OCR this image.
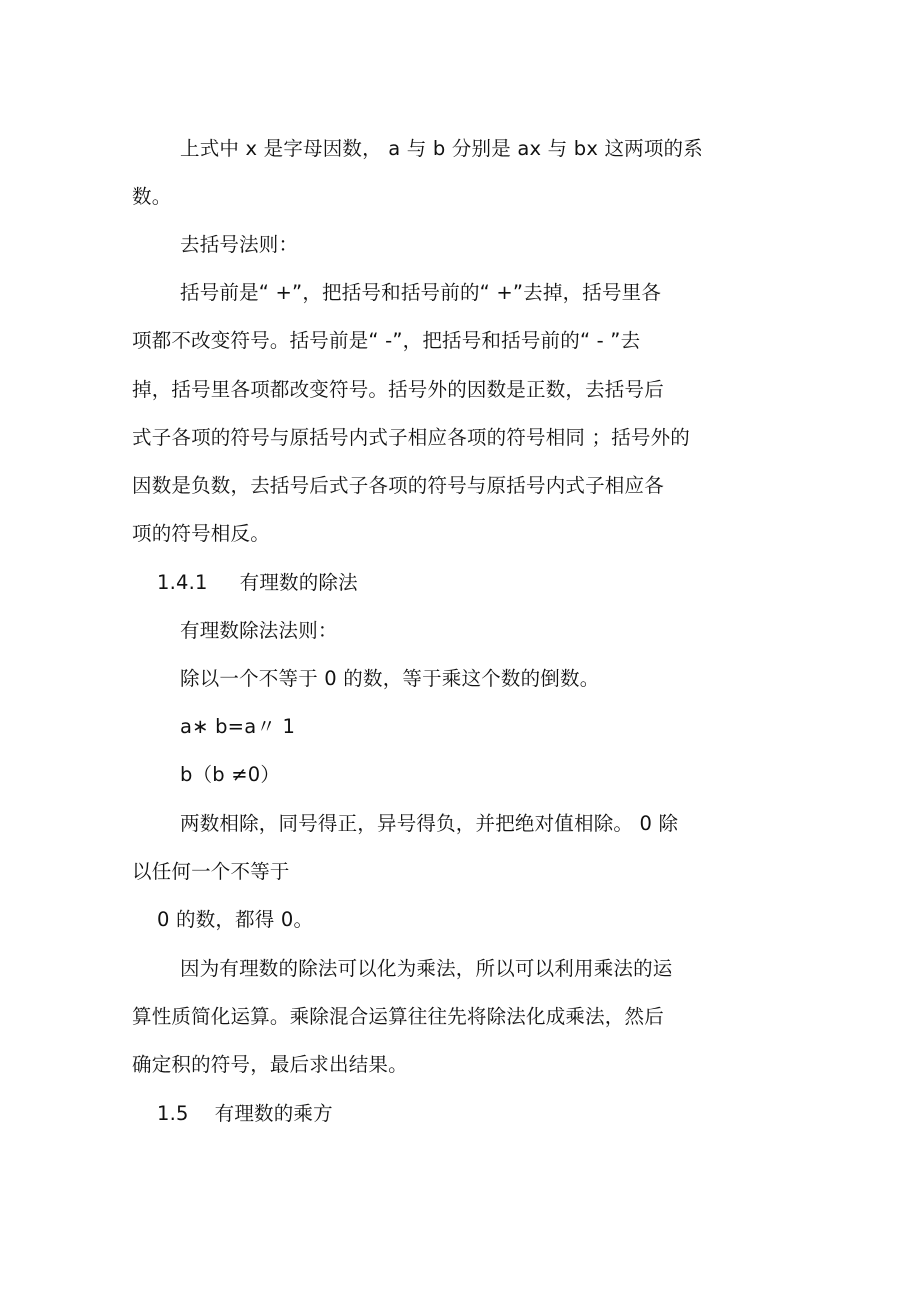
上式中 x 是字母因数， a 与 b 分别是 ax 与 bx 这两项的系
数。
去括号法则：
括号前是“ +”，把括号和括号前的“ +”去掉，括号里各
项都不改变符号。括号前是“ -”，把括号和括号前的“ - ”去
掉，括号里各项都改变符号。括号外的因数是正数，去括号后
式子各项的符号与原括号内式子相应各项的符号相同 ；括号外的
因数是负数，去括号后式子各项的符号与原括号内式子相应各
项的符号相反。
1.4.1 有理数的除法
有理数除法法则：
除以一个不等于 0 的数，等于乘这个数的倒数。
a∗ b=a〃 1
b（b ≠0）
两数相除，同号得正，异号得负，并把绝对值相除。 0 除
以任何一个不等于
0 的数，都得 0。
因为有理数的除法可以化为乘法，所以可以利用乘法的运
算性质简化运算。乘除混合运算往往先将除法化成乘法，然后
确定积的符号，最后求出结果。
1.5 有理数的乘方
